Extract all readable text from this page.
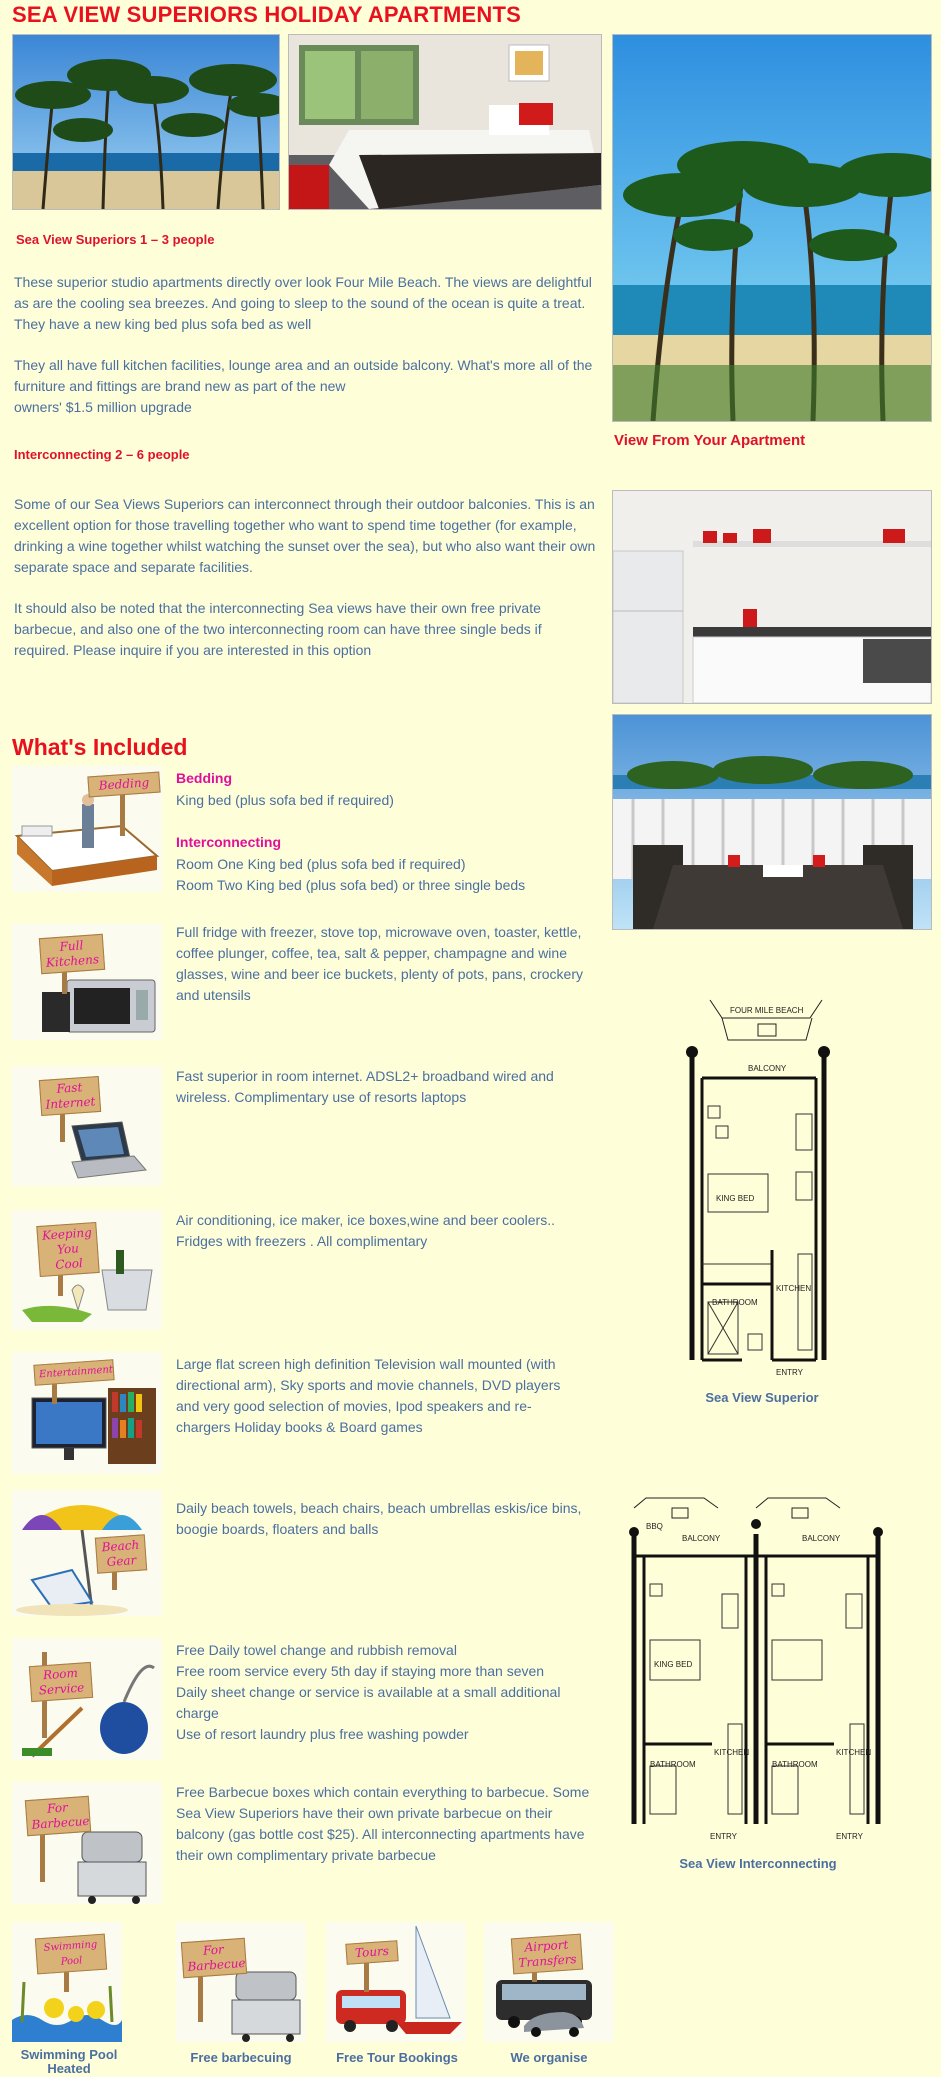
SEA VIEW SUPERIORS HOLIDAY APARTMENTS
View From Your Apartment
Sea View Superiors 1 – 3 people
These superior studio apartments directly over look Four Mile Beach. The views are delightful as are the cooling sea breezes. And going to sleep to the sound of the ocean is quite a treat. They have a new king bed plus sofa bed as well
They all have full kitchen facilities, lounge area and an outside balcony. What's more all of the furniture and fittings are brand new as part of the new
owners' $1.5 million upgrade
Interconnecting 2 – 6 people
Some of our Sea Views Superiors can interconnect through their outdoor balconies. This is an excellent option for those travelling together who want to spend time together (for example, drinking a wine together whilst watching the sunset over the sea), but who also want their own separate space and separate facilities.
It should also be noted that the interconnecting Sea views have their own free private barbecue, and also one of the two interconnecting room can have three single beds if required. Please inquire if you are interested in this option
What's Included
Bedding	Bedding
King bed (plus sofa bed if required)
Interconnecting
Room One King bed (plus sofa bed if required)
Room Two King bed (plus sofa bed) or three single beds
Full Kitchens
Full fridge with freezer, stove top, microwave oven, toaster, kettle, coffee plunger, coffee, tea, salt & pepper, champagne and wine glasses, wine and beer ice buckets, plenty of pots, pans, crockery and utensils
Fast Internet
Fast superior in room internet. ADSL2+ broadband wired and wireless. Complimentary use of resorts laptops
Keeping You Cool
Air conditioning, ice maker, ice boxes,wine and beer coolers.. Fridges with freezers . All complimentary
Entertainment
Large flat screen high definition Television wall mounted (with directional arm), Sky sports and movie channels, DVD players and very good selection of movies, Ipod speakers and re-chargers Holiday books & Board games
Beach Gear
Daily beach towels, beach chairs, beach umbrellas eskis/ice bins, boogie boards, floaters and balls
Room Service
Free Daily towel change and rubbish removal
Free room service every 5th day if staying more than seven
Daily sheet change or service is available at a small additional charge
Use of resort laundry plus free washing powder
For Barbecue
Free Barbecue boxes which contain everything to barbecue. Some Sea View Superiors have their own private barbecue on their balcony (gas bottle cost $25). All interconnecting apartments have their own complimentary private barbecue
FOUR MILE BEACH
BALCONY
KING BED
KITCHEN
BATHROOM
ENTRY
Sea View Superior
BBQ
BALCONY	BALCONY
KING BED
KITCHEN	KITCHEN
BATHROOM	BATHROOM
ENTRY	ENTRY
Sea View Interconnecting
Swimming Pool
Swimming Pool Heated
For Barbecue
Free barbecuing
Tours
Free Tour Bookings
Airport Transfers
We organise
